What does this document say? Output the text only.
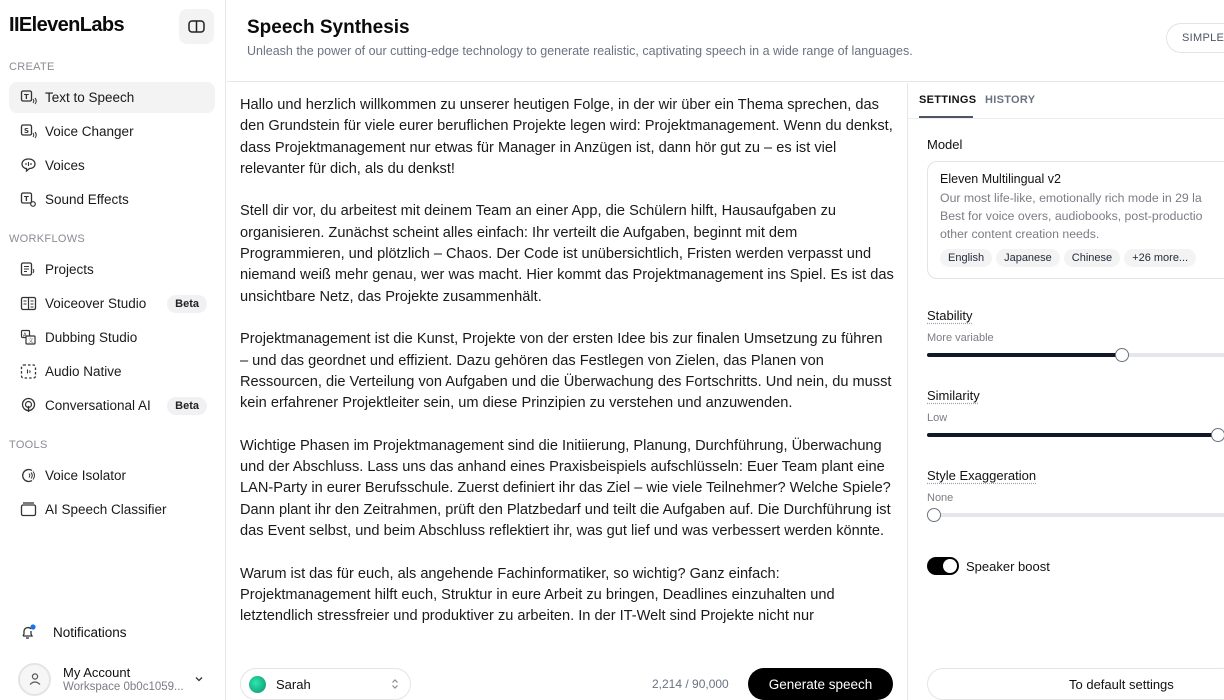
IIElevenLabs
CREATE
T Text to Speech
S Voice Changer
Voices
T Sound Effects
WORKFLOWS
Projects
Voiceover Studio	Beta
A
文 Dubbing Studio
Audio Native
Conversational AI	Beta
TOOLS
Voice Isolator
AI Speech Classifier
Notifications
My Account
Workspace 0b0c1059...
Speech Synthesis
Unleash the power of our cutting-edge technology to generate realistic, captivating speech in a wide range of languages.
SIMPLE

Hallo und herzlich willkommen zu unserer heutigen Folge, in der wir über ein Thema sprechen, das den Grundstein für viele eurer beruflichen Projekte legen wird: Projektmanagement. Wenn du denkst, dass Projektmanagement nur etwas für Manager in Anzügen ist, dann hör gut zu – es ist viel relevanter für dich, als du denkst!

Stell dir vor, du arbeitest mit deinem Team an einer App, die Schülern hilft, Hausaufgaben zu organisieren. Zunächst scheint alles einfach: Ihr verteilt die Aufgaben, beginnt mit dem Programmieren, und plötzlich – Chaos. Der Code ist unübersichtlich, Fristen werden verpasst und niemand weiß mehr genau, wer was macht. Hier kommt das Projektmanagement ins Spiel. Es ist das unsichtbare Netz, das Projekte zusammenhält.

Projektmanagement ist die Kunst, Projekte von der ersten Idee bis zur finalen Umsetzung zu führen – und das geordnet und effizient. Dazu gehören das Festlegen von Zielen, das Planen von Ressourcen, die Verteilung von Aufgaben und die Überwachung des Fortschritts. Und nein, du musst kein erfahrener Projektleiter sein, um diese Prinzipien zu verstehen und anzuwenden.

Wichtige Phasen im Projektmanagement sind die Initiierung, Planung, Durchführung, Überwachung und der Abschluss. Lass uns das anhand eines Praxisbeispiels aufschlüsseln: Euer Team plant eine LAN-Party in eurer Berufsschule. Zuerst definiert ihr das Ziel – wie viele Teilnehmer? Welche Spiele? Dann plant ihr den Zeitrahmen, prüft den Platzbedarf und teilt die Aufgaben auf. Die Durchführung ist das Event selbst, und beim Abschluss reflektiert ihr, was gut lief und was verbessert werden könnte.

Warum ist das für euch, als angehende Fachinformatiker, so wichtig? Ganz einfach: Projektmanagement hilft euch, Struktur in eure Arbeit zu bringen, Deadlines einzuhalten und letztendlich stressfreier und produktiver zu arbeiten. In der IT-Welt sind Projekte nicht nur

Sarah	2,214 / 90,000	Generate speech
SETTINGS HISTORY
Model
Eleven Multilingual v2
Our most life-like, emotionally rich mode in 29 la
Best for voice overs, audiobooks, post-productio
other content creation needs.
English	Japanese	Chinese	+26 more...
Stability
More variable
Similarity
Low
Style Exaggeration
None
Speaker boost
To default settings
